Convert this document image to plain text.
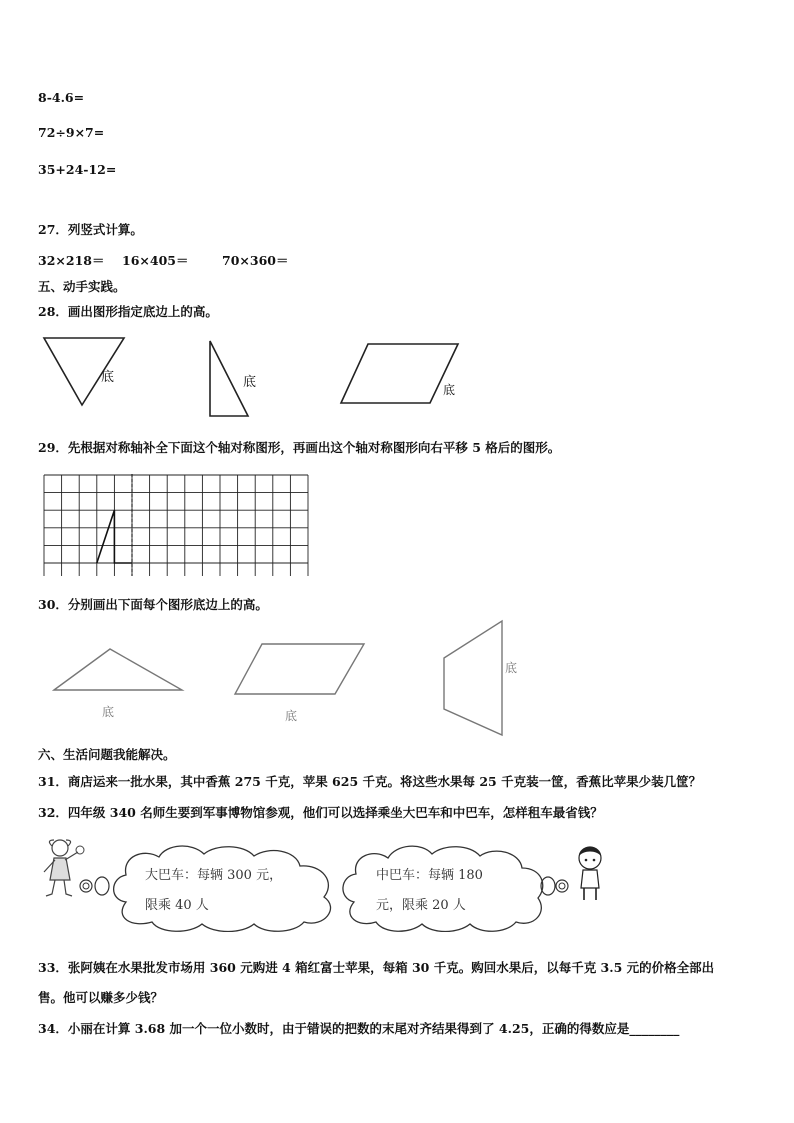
8-4.6=
72÷9×7=
35+24-12=
27．列竖式计算。
32×218＝ 16×405＝	70×360＝
五、动手实践。
28．画出图形指定底边上的高。
底	底	底
29．先根据对称轴补全下面这个轴对称图形，再画出这个轴对称图形向右平移 5 格后的图形。
30．分别画出下面每个图形底边上的高。
底	底
底
六、生活问题我能解决。
31．商店运来一批水果，其中香蕉 275 千克，苹果 625 千克。将这些水果每 25 千克装一筐，香蕉比苹果少装几筐？
32．四年级 340 名师生要到军事博物馆参观，他们可以选择乘坐大巴车和中巴车，怎样租车最省钱？
大巴车：每辆 300 元，
限乘 40 人
中巴车：每辆 180
元，限乘 20 人
33．张阿姨在水果批发市场用 360 元购进 4 箱红富士苹果，每箱 30 千克。购回水果后，以每千克 3.5 元的价格全部出
售。他可以赚多少钱？
34．小丽在计算 3.68 加一个一位小数时，由于错误的把数的末尾对齐结果得到了 4.25，正确的得数应是________
